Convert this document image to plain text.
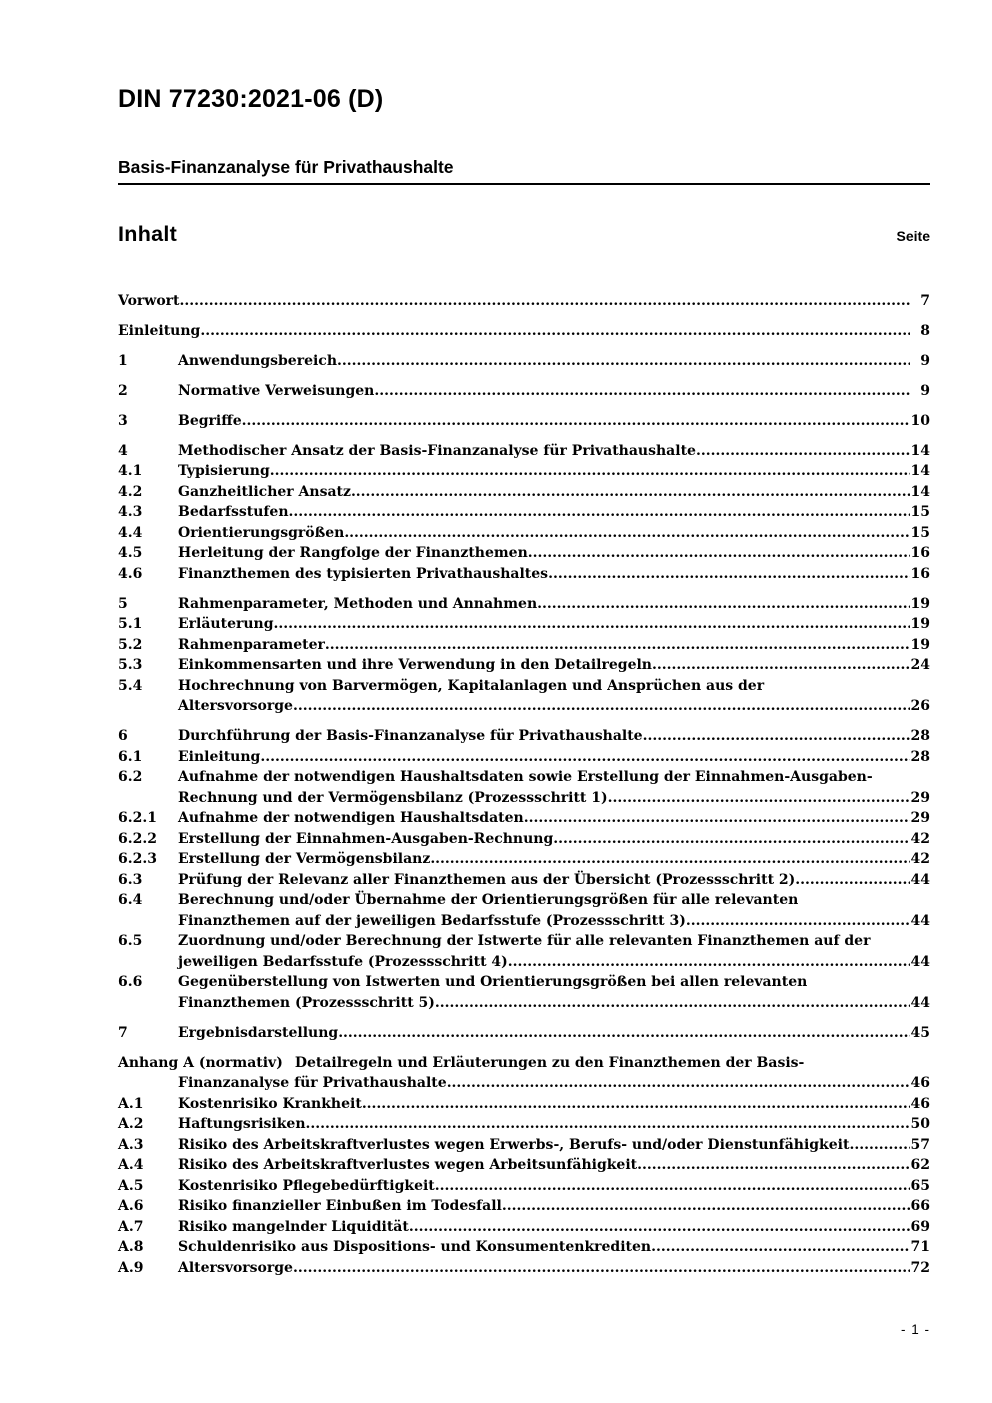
DIN 77230:2021-06 (D)
Basis-Finanzanalyse für Privathaushalte
Inhalt	Seite
Vorwort .....	7
Einleitung .....	8
1	Anwendungsbereich .....	9
2	Normative Verweisungen .....	9
3	Begriffe .....	10
4	Methodischer Ansatz der Basis-Finanzanalyse für Privathaushalte .....	14
4.1	Typisierung .....	14
4.2	Ganzheitlicher Ansatz .....	14
4.3	Bedarfsstufen .....	15
4.4	Orientierungsgrößen .....	15
4.5	Herleitung der Rangfolge der Finanzthemen .....	16
4.6	Finanzthemen des typisierten Privathaushaltes .....	16
5	Rahmenparameter, Methoden und Annahmen .....	19
5.1	Erläuterung .....	19
5.2	Rahmenparameter .....	19
5.3	Einkommensarten und ihre Verwendung in den Detailregeln .....	24
5.4	Hochrechnung von Barvermögen, Kapitalanlagen und Ansprüchen aus der
Altersvorsorge .....	26
6	Durchführung der Basis-Finanzanalyse für Privathaushalte .....	28
6.1	Einleitung .....	28
6.2	Aufnahme der notwendigen Haushaltsdaten sowie Erstellung der Einnahmen-Ausgaben-
Rechnung und der Vermögensbilanz (Prozessschritt 1) .....	29
6.2.1	Aufnahme der notwendigen Haushaltsdaten .....	29
6.2.2	Erstellung der Einnahmen-Ausgaben-Rechnung .....	42
6.2.3	Erstellung der Vermögensbilanz .....	42
6.3	Prüfung der Relevanz aller Finanzthemen aus der Übersicht (Prozessschritt 2) .....	44
6.4	Berechnung und/oder Übernahme der Orientierungsgrößen für alle relevanten
Finanzthemen auf der jeweiligen Bedarfsstufe (Prozessschritt 3) .....	44
6.5	Zuordnung und/oder Berechnung der Istwerte für alle relevanten Finanzthemen auf der
jeweiligen Bedarfsstufe (Prozessschritt 4) .....	44
6.6	Gegenüberstellung von Istwerten und Orientierungsgrößen bei allen relevanten
Finanzthemen (Prozessschritt 5) .....	44
7	Ergebnisdarstellung .....	45
Anhang A (normativ) Detailregeln und Erläuterungen zu den Finanzthemen der Basis-
Finanzanalyse für Privathaushalte .....	46
A.1	Kostenrisiko Krankheit .....	46
A.2	Haftungsrisiken .....	50
A.3	Risiko des Arbeitskraftverlustes wegen Erwerbs-, Berufs- und/oder Dienstunfähigkeit .....	57
A.4	Risiko des Arbeitskraftverlustes wegen Arbeitsunfähigkeit .....	62
A.5	Kostenrisiko Pflegebedürftigkeit .....	65
A.6	Risiko finanzieller Einbußen im Todesfall .....	66
A.7	Risiko mangelnder Liquidität .....	69
A.8	Schuldenrisiko aus Dispositions- und Konsumentenkrediten .....	71
A.9	Altersvorsorge .....	72
- 1 -
